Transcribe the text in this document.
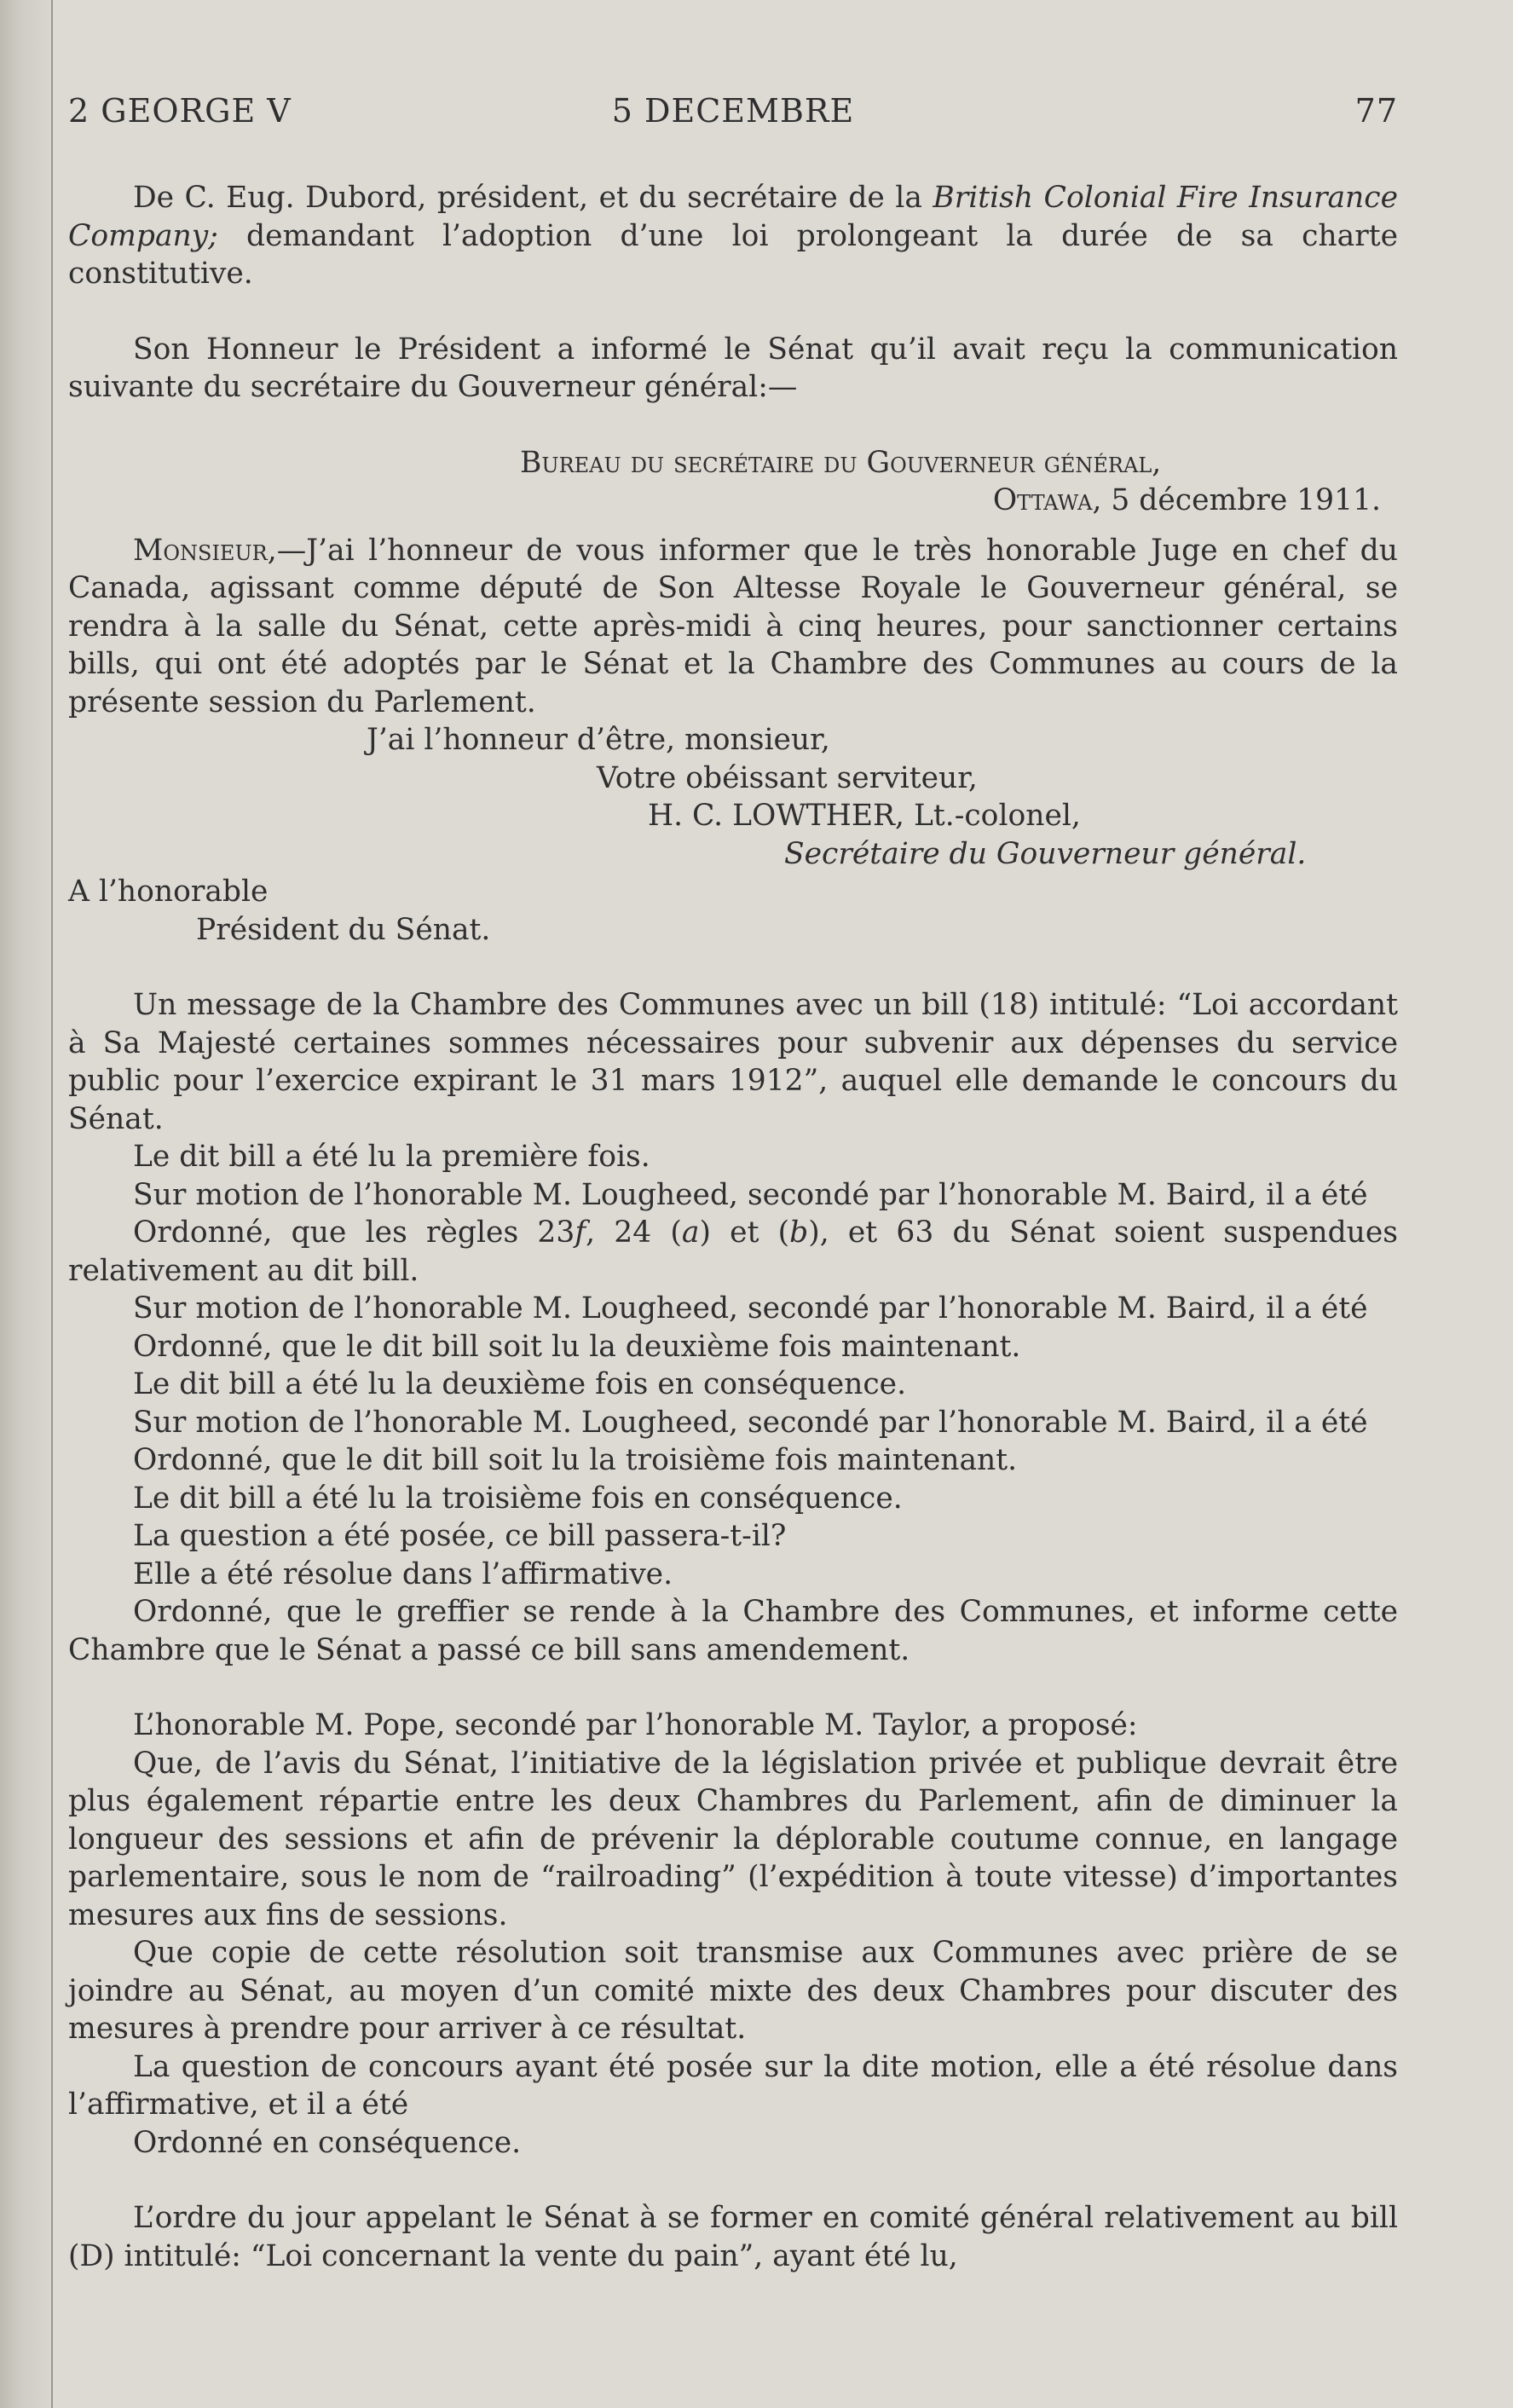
2 GEORGE V	5 DECEMBRE	77

De C. Eug. Dubord, président, et du secrétaire de la British Colonial Fire Insurance Company; demandant l’adoption d’une loi prolongeant la durée de sa charte constitutive.

Son Honneur le Président a informé le Sénat qu’il avait reçu la communication suivante du secrétaire du Gouverneur général:—

Bureau du secrétaire du Gouverneur général,

Ottawa, 5 décembre 1911.

Monsieur,—J’ai l’honneur de vous informer que le très honorable Juge en chef du Canada, agissant comme député de Son Altesse Royale le Gouverneur général, se rendra à la salle du Sénat, cette après-midi à cinq heures, pour sanctionner certains bills, qui ont été adoptés par le Sénat et la Chambre des Communes au cours de la présente session du Parlement.

J’ai l’honneur d’être, monsieur,

Votre obéissant serviteur,

H. C. LOWTHER, Lt.-colonel,

Secrétaire du Gouverneur général.

A l’honorable

Président du Sénat.

Un message de la Chambre des Communes avec un bill (18) intitulé: “Loi accordant à Sa Majesté certaines sommes nécessaires pour subvenir aux dépenses du service public pour l’exercice expirant le 31 mars 1912”, auquel elle demande le concours du Sénat.

Le dit bill a été lu la première fois.

Sur motion de l’honorable M. Lougheed, secondé par l’honorable M. Baird, il a été

Ordonné, que les règles 23f, 24 (a) et (b), et 63 du Sénat soient suspendues relativement au dit bill.

Sur motion de l’honorable M. Lougheed, secondé par l’honorable M. Baird, il a été

Ordonné, que le dit bill soit lu la deuxième fois maintenant.

Le dit bill a été lu la deuxième fois en conséquence.

Sur motion de l’honorable M. Lougheed, secondé par l’honorable M. Baird, il a été

Ordonné, que le dit bill soit lu la troisième fois maintenant.

Le dit bill a été lu la troisième fois en conséquence.

La question a été posée, ce bill passera-t-il?

Elle a été résolue dans l’affirmative.

Ordonné, que le greffier se rende à la Chambre des Communes, et informe cette Chambre que le Sénat a passé ce bill sans amendement.

L’honorable M. Pope, secondé par l’honorable M. Taylor, a proposé:

Que, de l’avis du Sénat, l’initiative de la législation privée et publique devrait être plus également répartie entre les deux Chambres du Parlement, afin de diminuer la longueur des sessions et afin de prévenir la déplorable coutume connue, en langage parlementaire, sous le nom de “railroading” (l’expédition à toute vitesse) d’importantes mesures aux fins de sessions.

Que copie de cette résolution soit transmise aux Communes avec prière de se joindre au Sénat, au moyen d’un comité mixte des deux Chambres pour discuter des mesures à prendre pour arriver à ce résultat.

La question de concours ayant été posée sur la dite motion, elle a été résolue dans l’affirmative, et il a été

Ordonné en conséquence.

L’ordre du jour appelant le Sénat à se former en comité général relativement au bill (D) intitulé: “Loi concernant la vente du pain”, ayant été lu,
